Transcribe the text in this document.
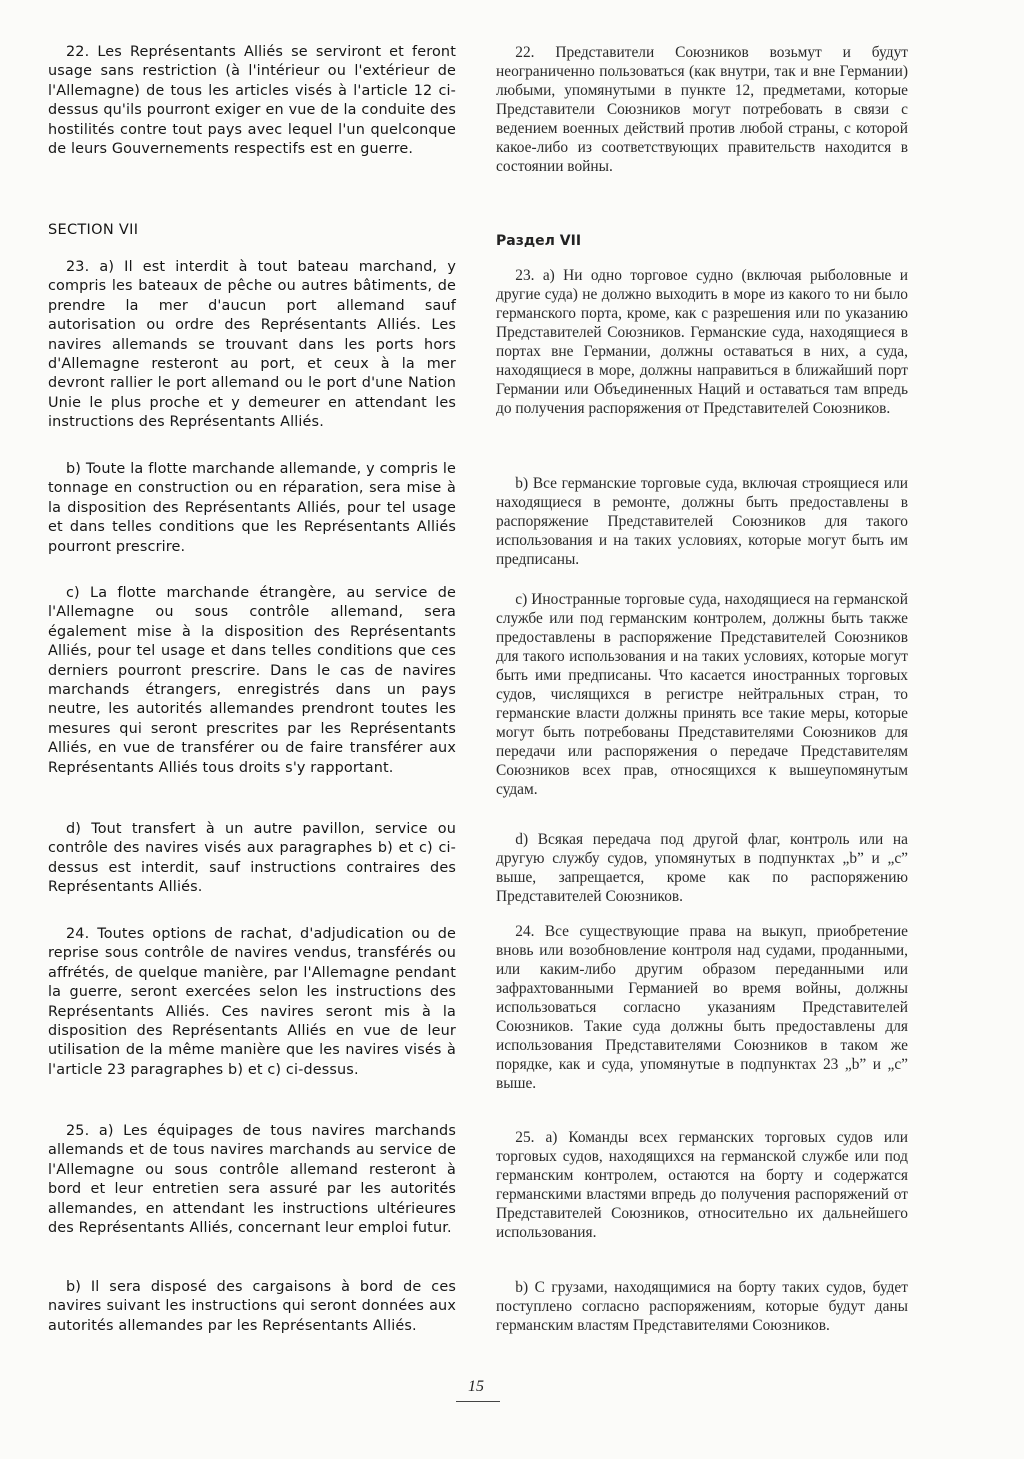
22. Les Représentants Alliés se serviront et feront usage sans restriction (à l'intérieur ou l'extérieur de l'Allemagne) de tous les articles visés à l'article 12 ci-dessus qu'ils pourront exiger en vue de la conduite des hostilités contre tout pays avec lequel l'un quelconque de leurs Gouvernements respectifs est en guerre.

SECTION VII

23. a) Il est interdit à tout bateau marchand, y compris les bateaux de pêche ou autres bâtiments, de prendre la mer d'aucun port allemand sauf autorisation ou ordre des Représentants Alliés. Les navires allemands se trouvant dans les ports hors d'Allemagne resteront au port, et ceux à la mer devront rallier le port allemand ou le port d'une Nation Unie le plus proche et y demeurer en attendant les instructions des Représentants Alliés.

b) Toute la flotte marchande allemande, y compris le tonnage en construction ou en réparation, sera mise à la disposition des Représentants Alliés, pour tel usage et dans telles conditions que les Représentants Alliés pourront prescrire.

c) La flotte marchande étrangère, au service de l'Allemagne ou sous contrôle allemand, sera également mise à la disposition des Représentants Alliés, pour tel usage et dans telles conditions que ces derniers pourront prescrire. Dans le cas de navires marchands étrangers, enregistrés dans un pays neutre, les autorités allemandes prendront toutes les mesures qui seront prescrites par les Représentants Alliés, en vue de transférer ou de faire transférer aux Représentants Alliés tous droits s'y rapportant.

d) Tout transfert à un autre pavillon, service ou contrôle des navires visés aux paragraphes b) et c) ci-dessus est interdit, sauf instructions contraires des Représentants Alliés.

24. Toutes options de rachat, d'adjudication ou de reprise sous contrôle de navires vendus, transférés ou affrétés, de quelque manière, par l'Allemagne pendant la guerre, seront exercées selon les instructions des Représentants Alliés. Ces navires seront mis à la disposition des Représentants Alliés en vue de leur utilisation de la même manière que les navires visés à l'article 23 paragraphes b) et c) ci-dessus.

25. a) Les équipages de tous navires marchands allemands et de tous navires marchands au service de l'Allemagne ou sous contrôle allemand resteront à bord et leur entretien sera assuré par les autorités allemandes, en attendant les instructions ultérieures des Représentants Alliés, concernant leur emploi futur.

b) Il sera disposé des cargaisons à bord de ces navires suivant les instructions qui seront données aux autorités allemandes par les Représentants Alliés.

22. Представители Союзников возьмут и будут неограниченно пользоваться (как внутри, так и вне Германии) любыми, упомянутыми в пункте 12, предметами, которые Представители Союзников могут потребовать в связи с ведением военных действий против любой страны, с которой какое-либо из соответствующих правительств находится в состоянии войны.

Раздел VII

23. а) Ни одно торговое судно (включая рыболовные и другие суда) не должно выходить в море из какого то ни было германского порта, кроме, как с разрешения или по указанию Представителей Союзников. Германские суда, находящиеся в портах вне Германии, должны оставаться в них, а суда, находящиеся в море, должны направиться в ближайший порт Германии или Объединенных Наций и оставаться там впредь до получения распоряжения от Представителей Союзников.

b) Все германские торговые суда, включая строящиеся или находящиеся в ремонте, должны быть предоставлены в распоряжение Представителей Союзников для такого использования и на таких условиях, которые могут быть им предписаны.

с) Иностранные торговые суда, находящиеся на германской службе или под германским контролем, должны быть также предоставлены в распоряжение Представителей Союзников для такого использования и на таких условиях, которые могут быть ими предписаны. Что касается иностранных торговых судов, числящихся в регистре нейтральных стран, то германские власти должны принять все такие меры, которые могут быть потребованы Представителями Союзников для передачи или распоряжения о передаче Представителям Союзников всех прав, относящихся к вышеупомянутым судам.

d) Всякая передача под другой флаг, контроль или на другую службу судов, упомянутых в подпунктах „b” и „с” выше, запрещается, кроме как по распоряжению Представителей Союзников.

24. Все существующие права на выкуп, приобретение вновь или возобновление контроля над судами, проданными, или каким-либо другим образом переданными или зафрахтованными Германией во время войны, должны использоваться согласно указаниям Представителей Союзников. Такие суда должны быть предоставлены для использования Представителями Союзников в таком же порядке, как и суда, упомянутые в подпунктах 23 „b” и „с” выше.

25. а) Команды всех германских торговых судов или торговых судов, находящихся на германской службе или под германским контролем, остаются на борту и содержатся германскими властями впредь до получения распоряжений от Представителей Союзников, относительно их дальнейшего использования.

b) С грузами, находящимися на борту таких судов, будет поступлено согласно распоряжениям, которые будут даны германским властям Представителями Союзников.

15
